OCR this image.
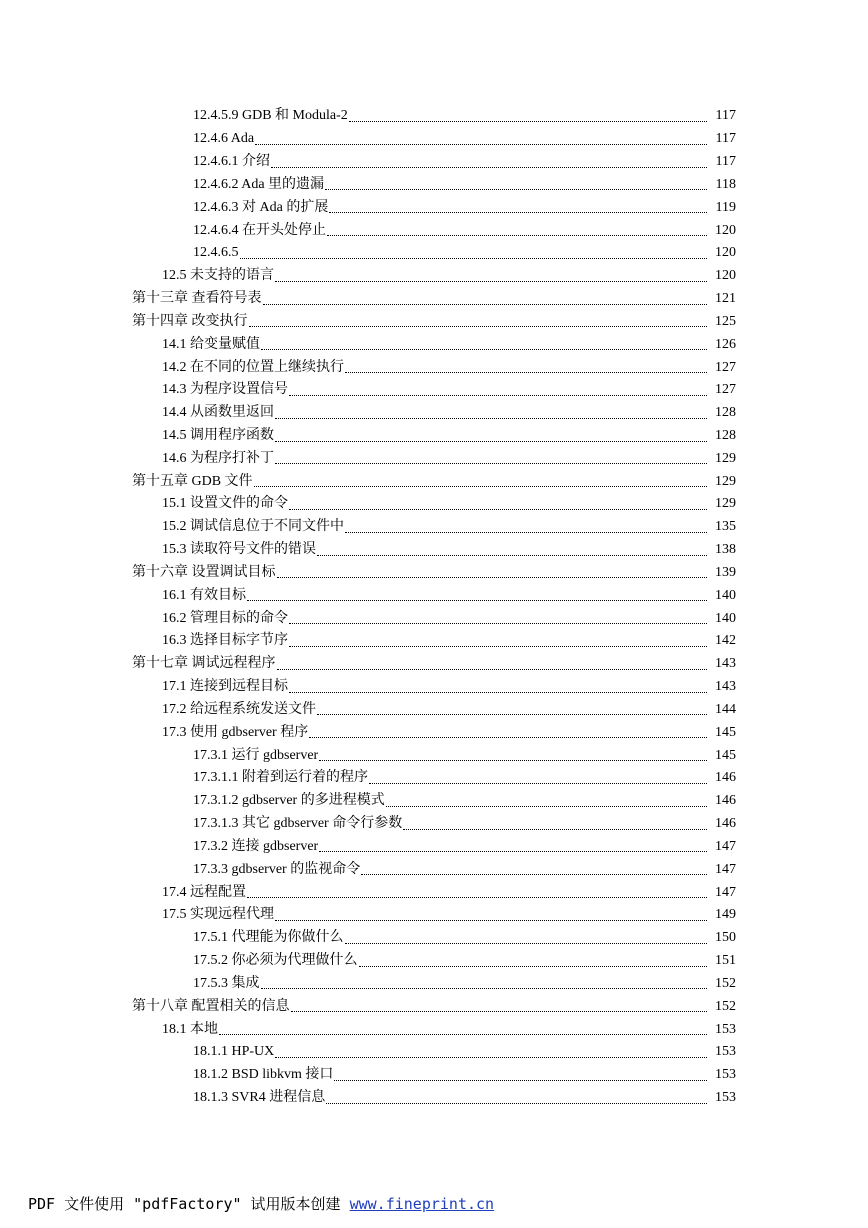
12.4.5.9 GDB 和 Modula-2	117
12.4.6 Ada	117
12.4.6.1 介绍	117
12.4.6.2 Ada 里的遗漏	118
12.4.6.3 对 Ada 的扩展	119
12.4.6.4 在开头处停止	120
12.4.6.5	120
12.5 未支持的语言	120
第十三章 查看符号表	121
第十四章 改变执行	125
14.1 给变量赋值	126
14.2 在不同的位置上继续执行	127
14.3 为程序设置信号	127
14.4 从函数里返回	128
14.5 调用程序函数	128
14.6 为程序打补丁	129
第十五章 GDB 文件	129
15.1 设置文件的命令	129
15.2 调试信息位于不同文件中	135
15.3 读取符号文件的错误	138
第十六章 设置调试目标	139
16.1 有效目标	140
16.2 管理目标的命令	140
16.3 选择目标字节序	142
第十七章 调试远程程序	143
17.1 连接到远程目标	143
17.2 给远程系统发送文件	144
17.3 使用 gdbserver 程序	145
17.3.1 运行 gdbserver	145
17.3.1.1 附着到运行着的程序	146
17.3.1.2 gdbserver 的多进程模式	146
17.3.1.3 其它 gdbserver 命令行参数	146
17.3.2 连接 gdbserver	147
17.3.3 gdbserver 的监视命令	147
17.4 远程配置	147
17.5 实现远程代理	149
17.5.1 代理能为你做什么	150
17.5.2 你必须为代理做什么	151
17.5.3 集成	152
第十八章 配置相关的信息	152
18.1 本地	153
18.1.1 HP-UX	153
18.1.2 BSD libkvm 接口	153
18.1.3 SVR4 进程信息	153
PDF 文件使用 "pdfFactory" 试用版本创建 www.fineprint.cn
